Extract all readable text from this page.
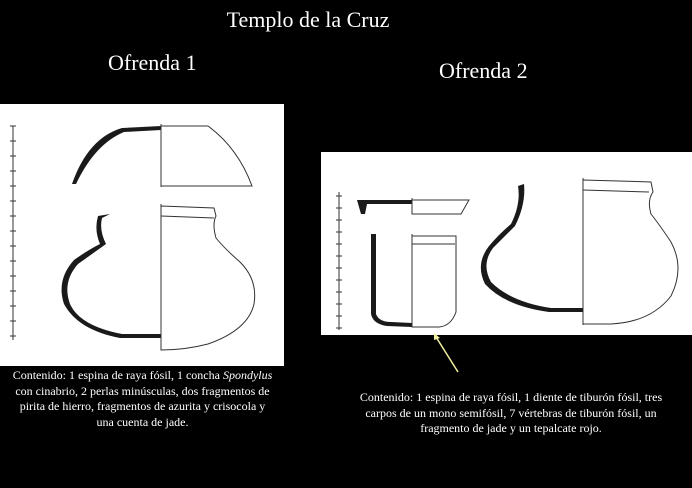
Templo de la Cruz
Ofrenda 1	Ofrenda 2
Contenido: 1 espina de raya fósil, 1 concha Spondylus con cinabrio, 2 perlas minúsculas, dos fragmentos de pirita de hierro, fragmentos de azurita y crisocola y una cuenta de jade.
Contenido: 1 espina de raya fósil, 1 diente de tiburón fósil, tres carpos de un mono semifósil, 7 vértebras de tiburón fósil, un fragmento de jade y un tepalcate rojo.
